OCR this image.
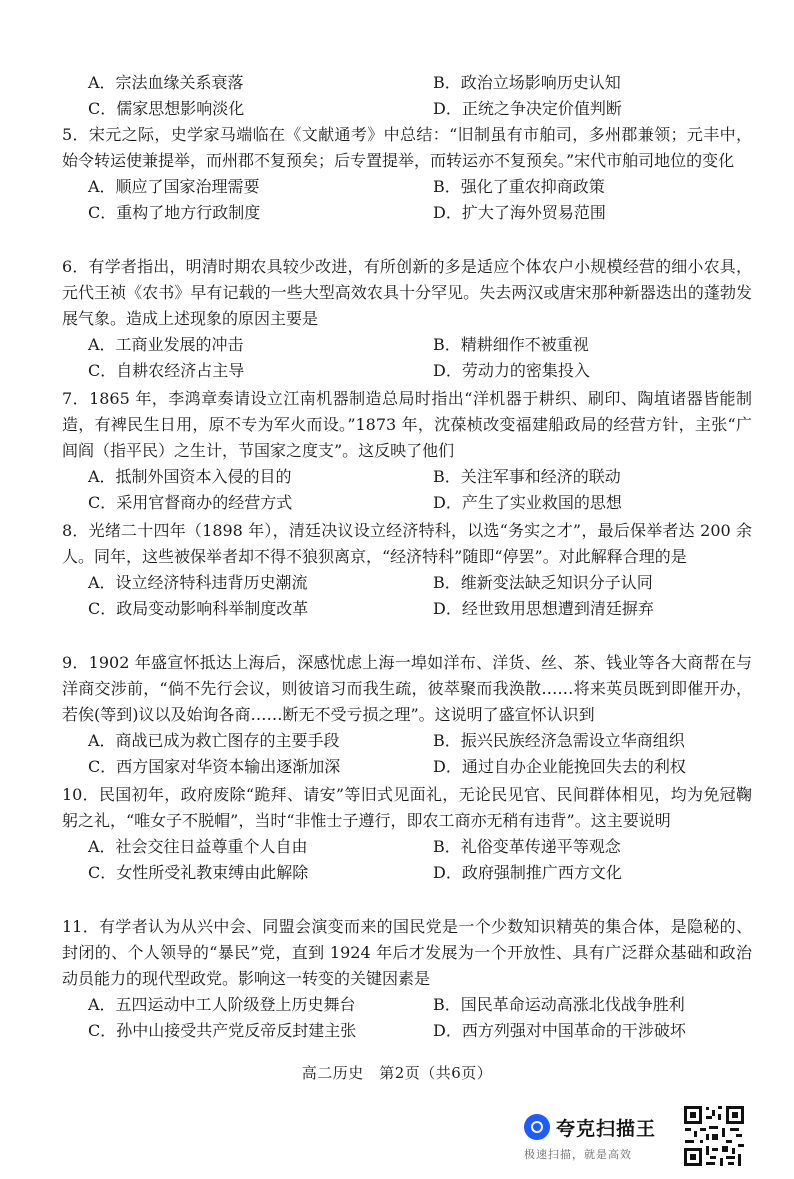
A．宗法血缘关系衰落	B．政治立场影响历史认知
C．儒家思想影响淡化	D．正统之争决定价值判断
5．宋元之际，史学家马端临在《文献通考》中总结：“旧制虽有市舶司，多州郡兼领；元丰中，始令转运使兼提举，而州郡不复预矣；后专置提举，而转运亦不复预矣。”宋代市舶司地位的变化
A．顺应了国家治理需要	B．强化了重农抑商政策
C．重构了地方行政制度	D．扩大了海外贸易范围
6．有学者指出，明清时期农具较少改进，有所创新的多是适应个体农户小规模经营的细小农具，元代王祯《农书》早有记载的一些大型高效农具十分罕见。失去两汉或唐宋那种新器迭出的蓬勃发展气象。造成上述现象的原因主要是
A．工商业发展的冲击	B．精耕细作不被重视
C．自耕农经济占主导	D．劳动力的密集投入
7．1865 年，李鸿章奏请设立江南机器制造总局时指出“洋机器于耕织、刷印、陶埴诸器皆能制造，有裨民生日用，原不专为军火而设。”1873 年，沈葆桢改变福建船政局的经营方针，主张“广闾阎（指平民）之生计，节国家之度支”。这反映了他们
A．抵制外国资本入侵的目的	B．关注军事和经济的联动
C．采用官督商办的经营方式	D．产生了实业救国的思想
8．光绪二十四年（1898 年），清廷决议设立经济特科，以选“务实之才”，最后保举者达 200 余人。同年，这些被保举者却不得不狼狈离京，“经济特科”随即“停罢”。对此解释合理的是
A．设立经济特科违背历史潮流	B．维新变法缺乏知识分子认同
C．政局变动影响科举制度改革	D．经世致用思想遭到清廷摒弃
9．1902 年盛宣怀抵达上海后，深感忧虑上海一埠如洋布、洋货、丝、茶、钱业等各大商帮在与洋商交涉前，“倘不先行会议，则彼谙习而我生疏，彼萃聚而我涣散……将来英员既到即催开办，若俟(等到)议以及始询各商……断无不受亏损之理”。这说明了盛宣怀认识到
A．商战已成为救亡图存的主要手段	B．振兴民族经济急需设立华商组织
C．西方国家对华资本输出逐渐加深	D．通过自办企业能挽回失去的利权
10．民国初年，政府废除“跪拜、请安”等旧式见面礼，无论民见官、民间群体相见，均为免冠鞠躬之礼，“唯女子不脱帽”，当时“非惟士子遵行，即农工商亦无稍有违背”。这主要说明
A．社会交往日益尊重个人自由	B．礼俗变革传递平等观念
C．女性所受礼教束缚由此解除	D．政府强制推广西方文化
11．有学者认为从兴中会、同盟会演变而来的国民党是一个少数知识精英的集合体，是隐秘的、封闭的、个人领导的“暴民”党，直到 1924 年后才发展为一个开放性、具有广泛群众基础和政治动员能力的现代型政党。影响这一转变的关键因素是
A．五四运动中工人阶级登上历史舞台	B．国民革命运动高涨北伐战争胜利
C．孙中山接受共产党反帝反封建主张	D．西方列强对中国革命的干涉破坏
高二历史　第2页（共6页）
夸克扫描王
极速扫描，就是高效
